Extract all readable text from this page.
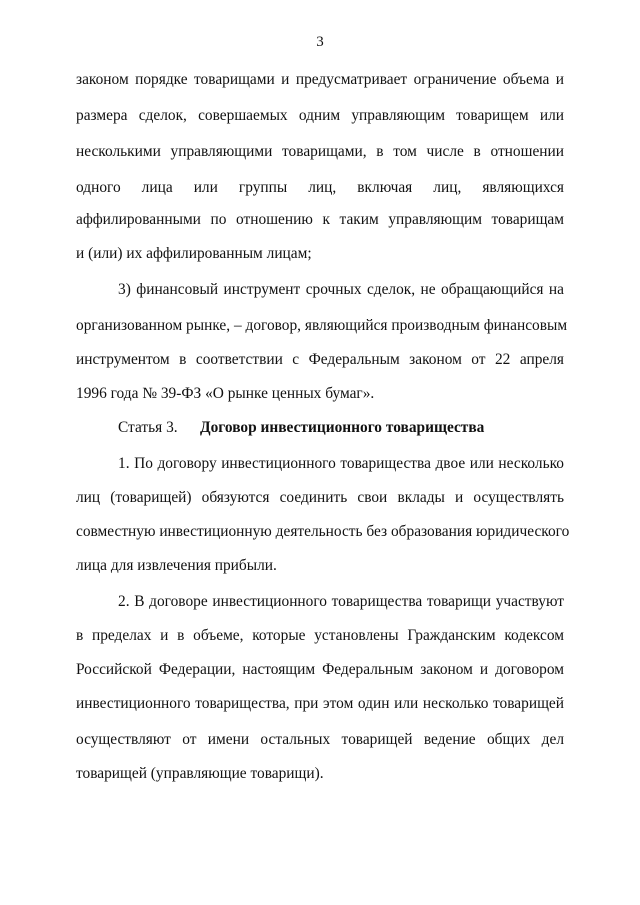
3
законом порядке товарищами и предусматривает ограничение объема и
размера сделок, совершаемых одним управляющим товарищем или
несколькими управляющими товарищами, в том числе в отношении
одного лица или группы лиц, включая лиц, являющихся
аффилированными по отношению к таким управляющим товарищам
и (или) их аффилированным лицам;
3) финансовый инструмент срочных сделок, не обращающийся на
организованном рынке, – договор, являющийся производным финансовым
инструментом в соответствии с Федеральным законом от 22 апреля
1996 года № 39-ФЗ «О рынке ценных бумаг».
Статья 3. Договор инвестиционного товарищества
1. По договору инвестиционного товарищества двое или несколько
лиц (товарищей) обязуются соединить свои вклады и осуществлять
совместную инвестиционную деятельность без образования юридического
лица для извлечения прибыли.
2. В договоре инвестиционного товарищества товарищи участвуют
в пределах и в объеме, которые установлены Гражданским кодексом
Российской Федерации, настоящим Федеральным законом и договором
инвестиционного товарищества, при этом один или несколько товарищей
осуществляют от имени остальных товарищей ведение общих дел
товарищей (управляющие товарищи).
